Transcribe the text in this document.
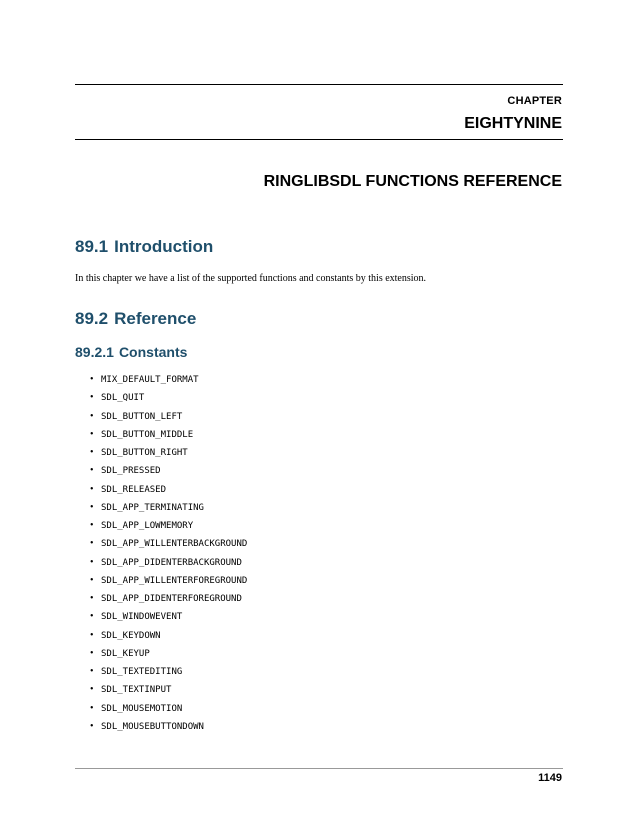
CHAPTER
EIGHTYNINE
RINGLIBSDL FUNCTIONS REFERENCE
89.1 Introduction
In this chapter we have a list of the supported functions and constants by this extension.
89.2 Reference
89.2.1 Constants
• MIX_DEFAULT_FORMAT
• SDL_QUIT
• SDL_BUTTON_LEFT
• SDL_BUTTON_MIDDLE
• SDL_BUTTON_RIGHT
• SDL_PRESSED
• SDL_RELEASED
• SDL_APP_TERMINATING
• SDL_APP_LOWMEMORY
• SDL_APP_WILLENTERBACKGROUND
• SDL_APP_DIDENTERBACKGROUND
• SDL_APP_WILLENTERFOREGROUND
• SDL_APP_DIDENTERFOREGROUND
• SDL_WINDOWEVENT
• SDL_KEYDOWN
• SDL_KEYUP
• SDL_TEXTEDITING
• SDL_TEXTINPUT
• SDL_MOUSEMOTION
• SDL_MOUSEBUTTONDOWN
1149
